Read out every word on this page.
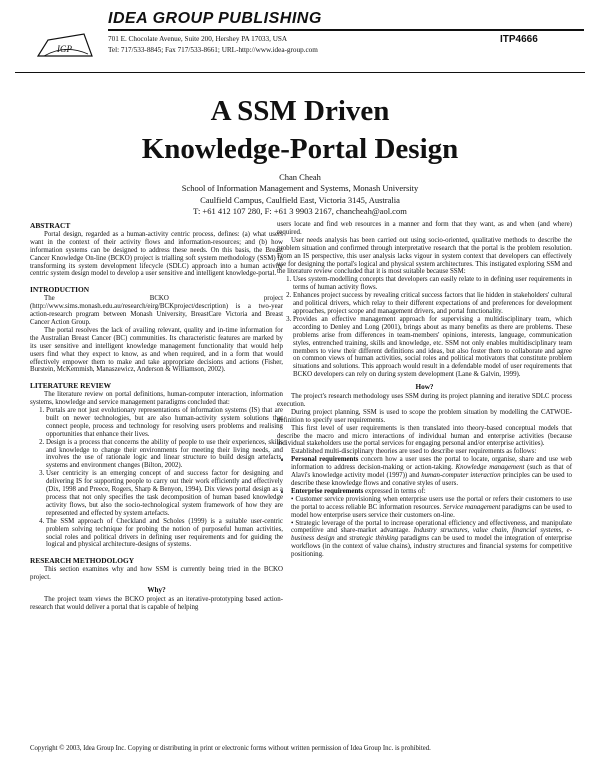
IGP
IDEA GROUP PUBLISHING
701 E. Chocolate Avenue, Suite 200, Hershey PA 17033, USA
Tel: 717/533-8845; Fax 717/533-8661; URL-http://www.idea-group.com
ITP4666
A SSM Driven
Knowledge-Portal Design
Chan Cheah
School of Information Management and Systems, Monash University
Caulfield Campus, Caulfield East, Victoria 3145, Australia
T: +61 412 107 280, F: +61 3 9903 2167, chancheah@aol.com
ABSTRACT

Portal design, regarded as a human-activity centric process, defines: (a) what users want in the context of their activity flows and information-resources; and (b) how information systems can be designed to address these needs. On this basis, the Breast Cancer Knowledge On-line (BCKO) project is trialling soft system methodology (SSM) in transforming its system development lifecycle (SDLC) approach into a human activity centric system design model to develop a user sensitive and intelligent knowledge-portal.

INTRODUCTION

The BCKO project (http://www.sims.monash.edu.au/research/eirg/BCKproject/description) is a two-year action-research program between Monash University, BreastCare Victoria and Breast Cancer Action Group.

The portal resolves the lack of availing relevant, quality and in-time information for the Australian Breast Cancer (BC) communities. Its characteristic features are marked by its user sensitive and intelligent knowledge management functionality that would help users find what they expect to know, as and when required, and in a form that would effectively empower them to make and take appropriate decisions and actions (Fisher, Burstein, McKemmish, Manaszewicz, Anderson & Williamson, 2002).

LITERATURE REVIEW

The literature review on portal definitions, human-computer interaction, information systems, knowledge and service management paradigms concluded that:

1. Portals are not just evolutionary representations of information systems (IS) that are built on newer technologies, but are also human-activity system solutions that connect people, process and technology for resolving users problems and realising opportunities that enhance their lives.
2. Design is a process that concerns the ability of people to use their experiences, skills and knowledge to change their environments for meeting their living needs, and involves the use of rationale logic and linear structure to build design artefacts, systems and environment changes (Bilton, 2002).
3. User centricity is an emerging concept of and success factor for designing and delivering IS for supporting people to carry out their work efficiently and effectively (Dix, 1998 and Preece, Rogers, Sharp & Benyon, 1994). Dix views portal design as a process that not only specifies the task decomposition of human based knowledge activity flows, but also the socio-technological system framework of how they are represented and effected by system artefacts.
4. The SSM approach of Checkland and Scholes (1999) is a suitable user-centric problem solving technique for probing the notion of purposeful human activities, social roles and political drivers in defining user requirements and for guiding the logical and physical architecture-designs of systems.
RESEARCH METHODOLOGY

This section examines why and how SSM is currently being tried in the BCKO project.

Why?

The project team views the BCKO project as an iterative-prototyping based action-research that would deliver a portal that is capable of helping

users locate and find web resources in a manner and form that they want, as and when (and where) required.

User needs analysis has been carried out using socio-oriented, qualitative methods to describe the problem situation and confirmed through interpretative research that the portal is the problem resolution. From an IS perspective, this user analysis lacks vigour in system context that developers can effectively use for designing the portal's logical and physical system architectures. This instigated exploring SSM and the literature review concluded that it is most suitable because SSM:

1. Uses system-modelling concepts that developers can easily relate to in defining user requirements in terms of human activity flows.
2. Enhances project success by revealing critical success factors that lie hidden in stakeholders' cultural and political drivers, which relay to their different expectations of and preferences for development approaches, project scope and management drivers, and portal functionality.
3. Provides an effective management approach for supervising a multidisciplinary team, which according to Denley and Long (2001), brings about as many benefits as there are problems. These problems arise from differences in team-members' opinions, interests, language, communication styles, entrenched training, skills and knowledge, etc. SSM not only enables multidisciplinary team members to view their different definitions and ideas, but also foster them to collaborate and agree on common views of human activities, social roles and political motivators that constitute problem situations and solutions. This approach would result in a defendable model of user requirements that BCKO developers can rely on during system development (Lane & Galvin, 1999).
How?

The project's research methodology uses SSM during its project planning and iterative SDLC process execution.

During project planning, SSM is used to scope the problem situation by modelling the CATWOE-definition to specify user requirements.

This first level of user requirements is then translated into theory-based conceptual models that describe the macro and micro interactions of individual human and enterprise activities (because individual stakeholders use the portal services for engaging personal and/or enterprise activities).

Established multi-disciplinary theories are used to describe user requirements as follows:

• Personal requirements concern how a user uses the portal to locate, organise, share and use web information to address decision-making or action-taking. Knowledge management (such as that of Alavi's knowledge activity model (1997)) and human-computer interaction principles can be used to describe these knowledge flows and conative styles of users.
• Enterprise requirements expressed in terms of:
• Customer service provisioning when enterprise users use the portal or refers their customers to use the portal to access reliable BC information resources. Service management paradigms can be used to model how enterprise users service their customers on-line.
• Strategic leverage of the portal to increase operational efficiency and effectiveness, and manipulate competitive and share-market advantage. Industry structures, value chain, financial systems, e-business design and strategic thinking paradigms can be used to model the integration of enterprise workflows (in the context of value chains), industry structures and financial systems for competitive positioning.
Copyright © 2003, Idea Group Inc. Copying or distributing in print or electronic forms without written permission of Idea Group Inc. is prohibited.
